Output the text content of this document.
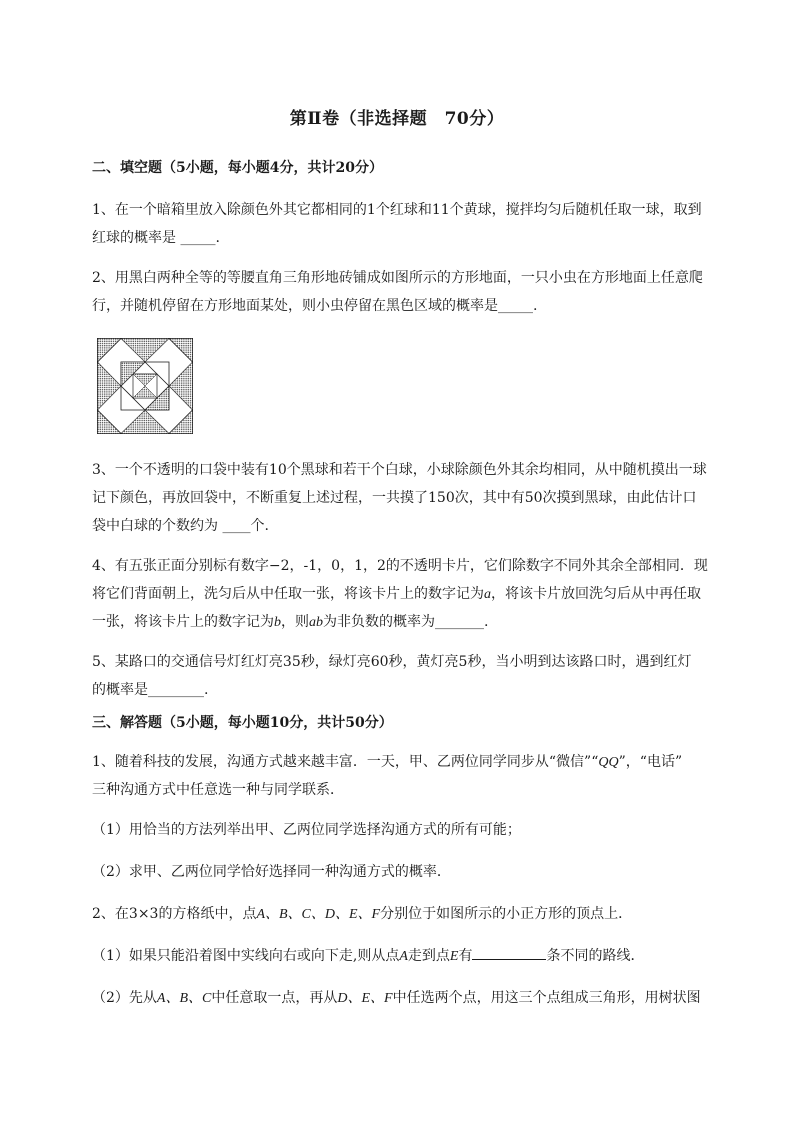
第Ⅱ卷（非选择题　70分）
二、填空题（5小题，每小题4分，共计20分）
1、在一个暗箱里放入除颜色外其它都相同的1个红球和11个黄球，搅拌均匀后随机任取一球，取到
红球的概率是 _____.
2、用黑白两种全等的等腰直角三角形地砖铺成如图所示的方形地面，一只小虫在方形地面上任意爬
行，并随机停留在方形地面某处，则小虫停留在黑色区域的概率是_____.
3、一个不透明的口袋中装有10个黑球和若干个白球，小球除颜色外其余均相同，从中随机摸出一球
记下颜色，再放回袋中，不断重复上述过程，一共摸了150次，其中有50次摸到黑球，由此估计口
袋中白球的个数约为 ____个.
4、有五张正面分别标有数字−2，-1，0，1，2的不透明卡片，它们除数字不同外其余全部相同．现
将它们背面朝上，洗匀后从中任取一张，将该卡片上的数字记为a，将该卡片放回洗匀后从中再任取
一张，将该卡片上的数字记为b，则ab为非负数的概率为_______.
5、某路口的交通信号灯红灯亮35秒，绿灯亮60秒，黄灯亮5秒，当小明到达该路口时，遇到红灯
的概率是________.
三、解答题（5小题，每小题10分，共计50分）
1、随着科技的发展，沟通方式越来越丰富．一天，甲、乙两位同学同步从“微信”“QQ”，“电话”
三种沟通方式中任意选一种与同学联系．
（1）用恰当的方法列举出甲、乙两位同学选择沟通方式的所有可能；
（2）求甲、乙两位同学恰好选择同一种沟通方式的概率．
2、在3×3的方格纸中，点A、B、C、D、E、F分别位于如图所示的小正方形的顶点上．
（1）如果只能沿着图中实线向右或向下走,则从点A走到点E有	条不同的路线．
（2）先从A、B、C中任意取一点，再从D、E、F中任选两个点，用这三个点组成三角形，用树状图
